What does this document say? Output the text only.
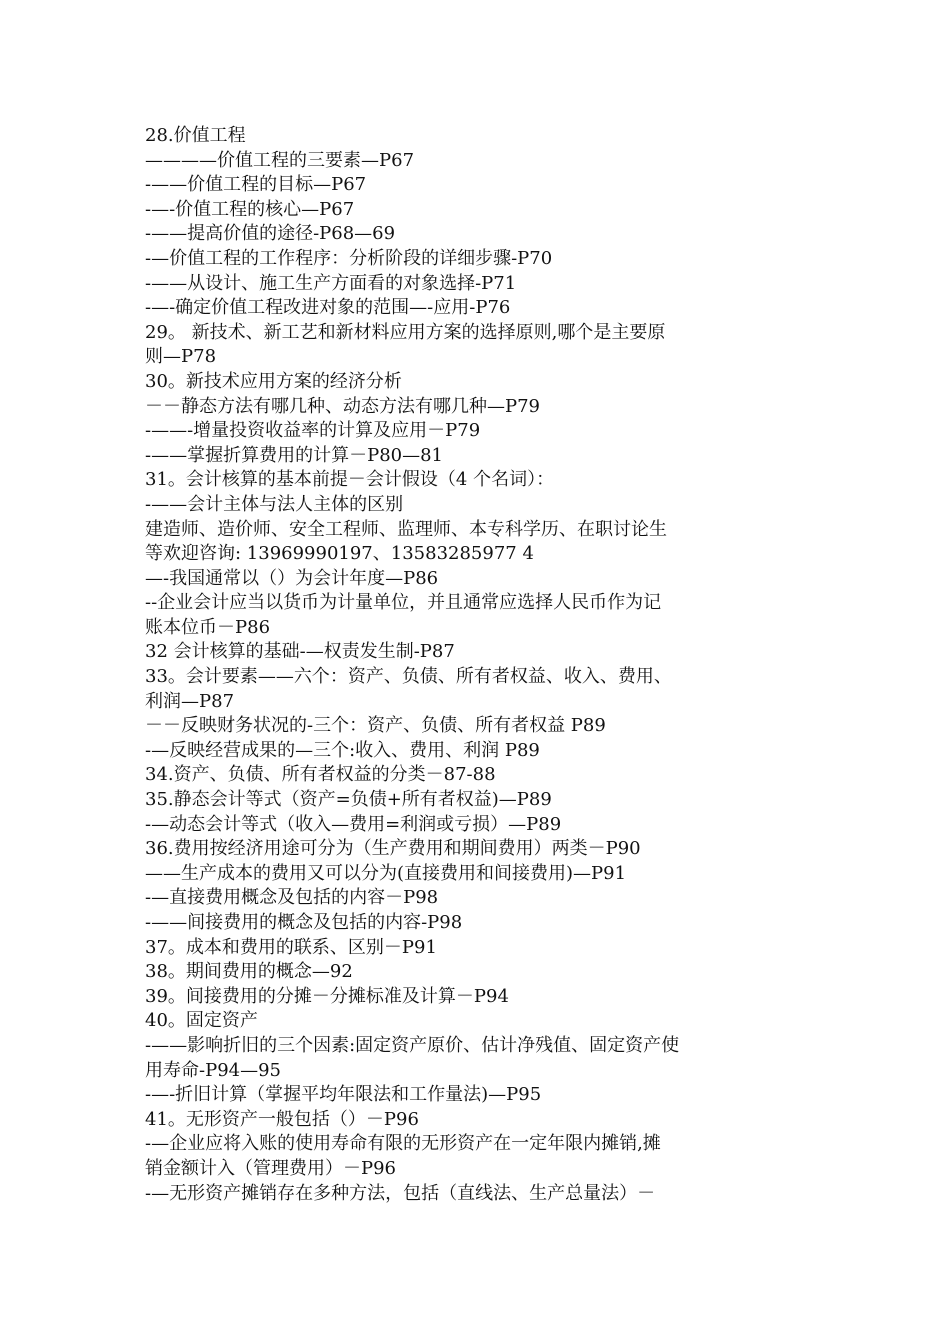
28.价值工程
————价值工程的三要素—P67
-——价值工程的目标—P67
-—-价值工程的核心—P67
-——提高价值的途径-P68—69
-—价值工程的工作程序：分析阶段的详细步骤-P70
-——从设计、施工生产方面看的对象选择-P71
-—-确定价值工程改进对象的范围—-应用-P76
29。 新技术、新工艺和新材料应用方案的选择原则,哪个是主要原
则—P78
30。新技术应用方案的经济分析
－－静态方法有哪几种、动态方法有哪几种—P79
-——-增量投资收益率的计算及应用－P79
-——掌握折算费用的计算－P80—81
31。会计核算的基本前提－会计假设（4 个名词）：
-——会计主体与法人主体的区别
建造师、造价师、安全工程师、监理师、本专科学历、在职讨论生
等欢迎咨询: 13969990197、13583285977 4
—-我国通常以（）为会计年度—P86
--企业会计应当以货币为计量单位，并且通常应选择人民币作为记
账本位币－P86
32 会计核算的基础-—权责发生制-P87
33。会计要素——六个：资产、负债、所有者权益、收入、费用、
利润—P87
－－反映财务状况的-三个：资产、负债、所有者权益 P89
-—反映经营成果的—三个:收入、费用、利润 P89
34.资产、负债、所有者权益的分类－87-88
35.静态会计等式（资产=负债+所有者权益)—P89
-—动态会计等式（收入—费用=利润或亏损）—P89
36.费用按经济用途可分为（生产费用和期间费用）两类－P90
——生产成本的费用又可以分为(直接费用和间接费用)—P91
-—直接费用概念及包括的内容－P98
-——间接费用的概念及包括的内容-P98
37。成本和费用的联系、区别－P91
38。期间费用的概念—92
39。间接费用的分摊－分摊标准及计算－P94
40。固定资产
-——影响折旧的三个因素:固定资产原价、估计净残值、固定资产使
用寿命-P94—95
-—-折旧计算（掌握平均年限法和工作量法)—P95
41。无形资产一般包括（）－P96
-—企业应将入账的使用寿命有限的无形资产在一定年限内摊销,摊
销金额计入（管理费用）－P96
-—无形资产摊销存在多种方法，包括（直线法、生产总量法）－
